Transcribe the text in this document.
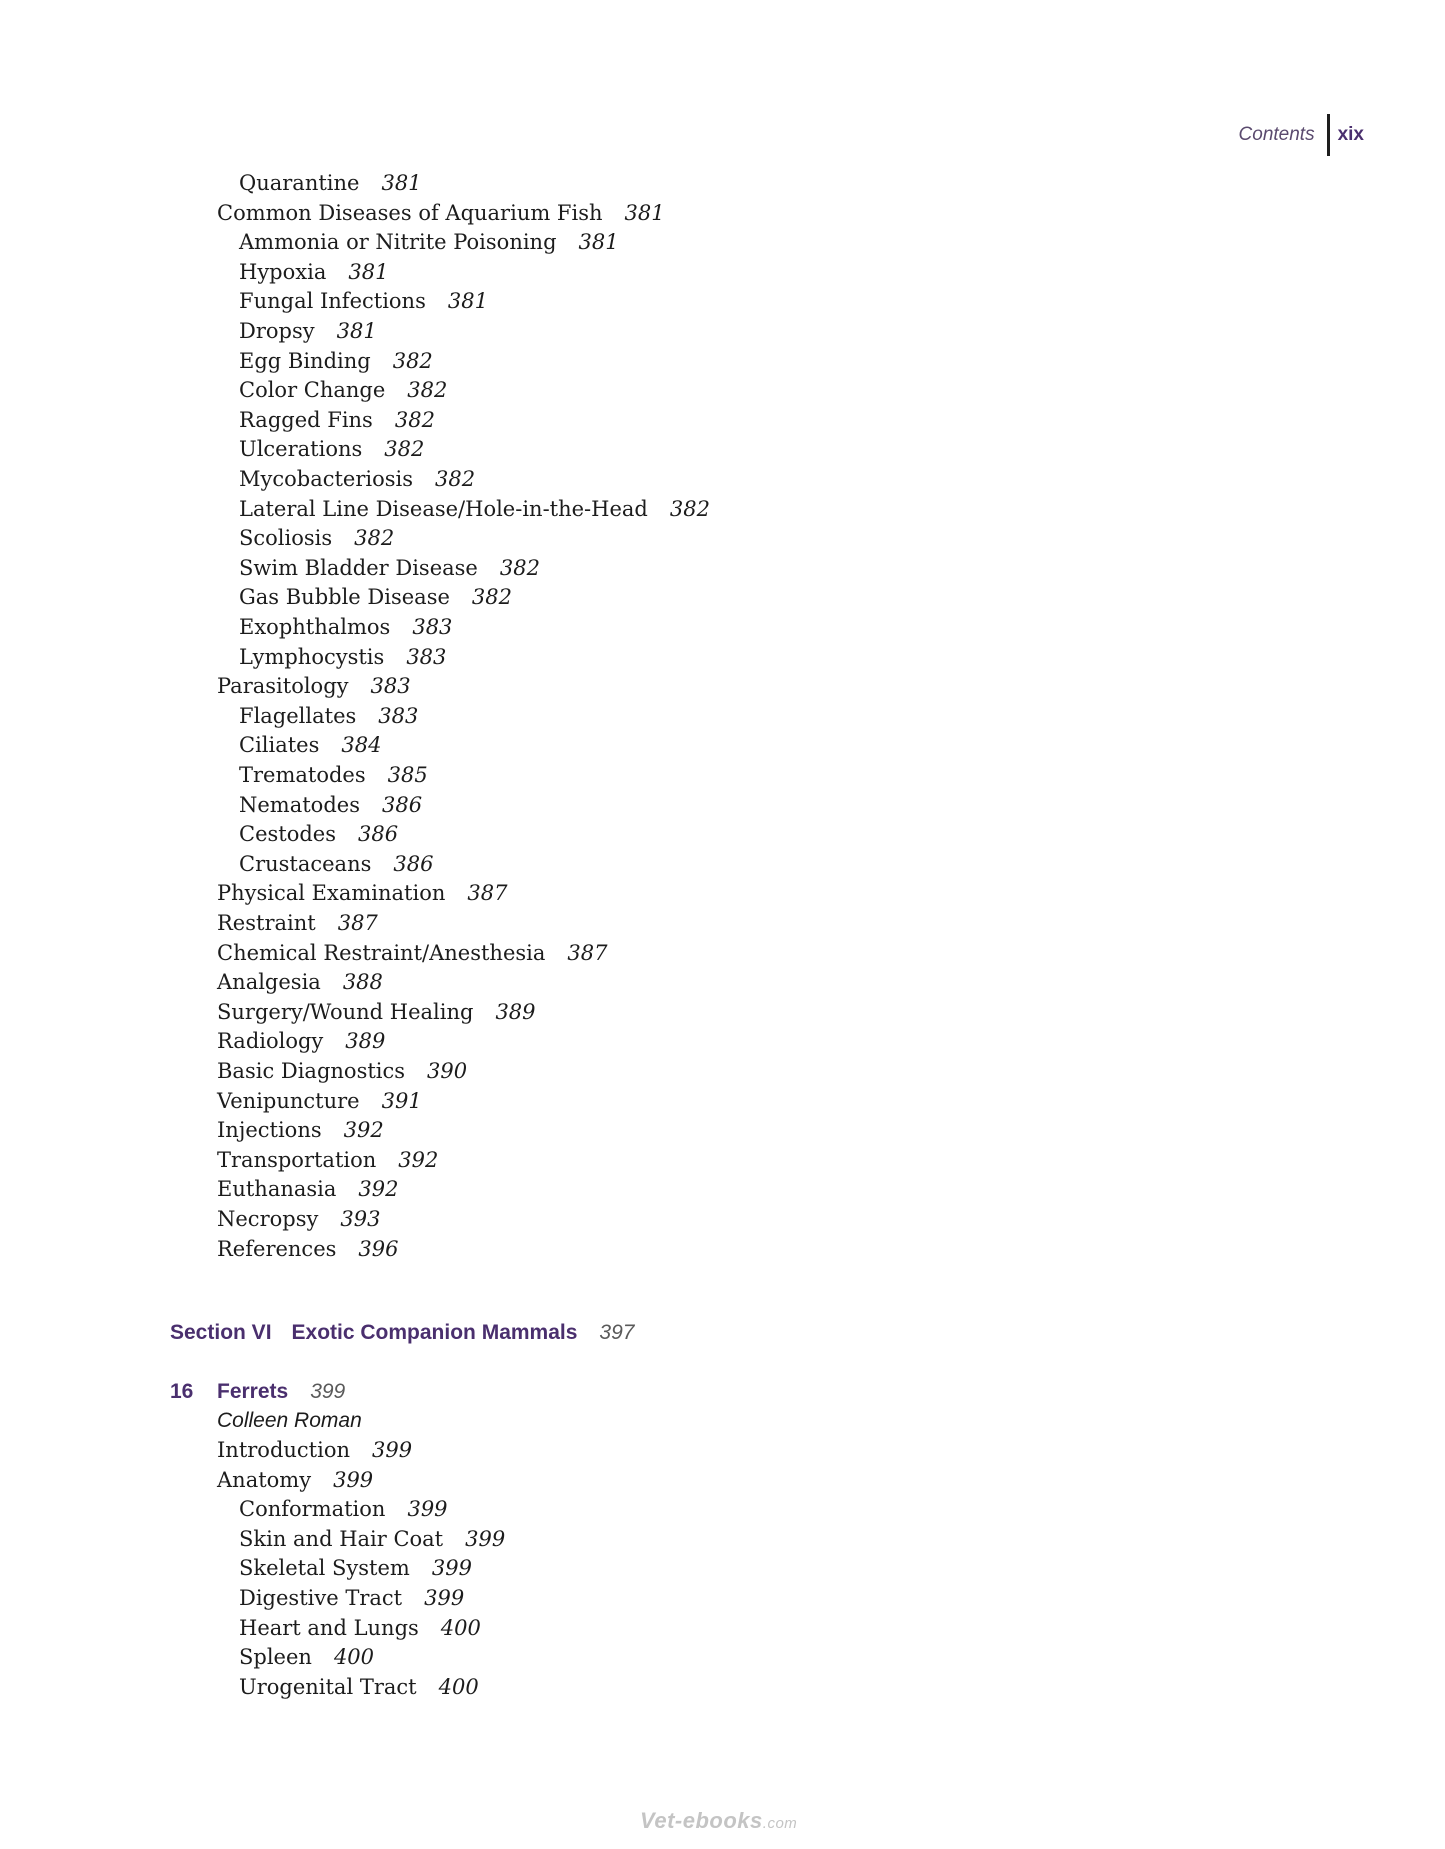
Contents	xix
Quarantine 381
Common Diseases of Aquarium Fish 381
Ammonia or Nitrite Poisoning 381
Hypoxia 381
Fungal Infections 381
Dropsy 381
Egg Binding 382
Color Change 382
Ragged Fins 382
Ulcerations 382
Mycobacteriosis 382
Lateral Line Disease/Hole-in-the-Head 382
Scoliosis 382
Swim Bladder Disease 382
Gas Bubble Disease 382
Exophthalmos 383
Lymphocystis 383
Parasitology 383
Flagellates 383
Ciliates 384
Trematodes 385
Nematodes 386
Cestodes 386
Crustaceans 386
Physical Examination 387
Restraint 387
Chemical Restraint/Anesthesia 387
Analgesia 388
Surgery/Wound Healing 389
Radiology 389
Basic Diagnostics 390
Venipuncture 391
Injections 392
Transportation 392
Euthanasia 392
Necropsy 393
References 396
Section VI Exotic Companion Mammals 397
16 Ferrets 399
Colleen Roman
Introduction 399
Anatomy 399
Conformation 399
Skin and Hair Coat 399
Skeletal System 399
Digestive Tract 399
Heart and Lungs 400
Spleen 400
Urogenital Tract 400
Vet-ebooks.com
